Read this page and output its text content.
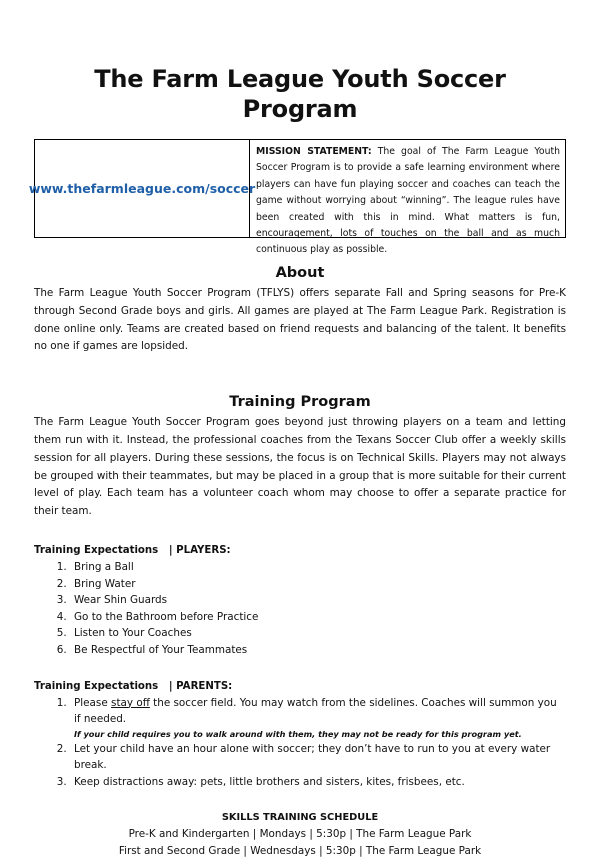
The Farm League Youth Soccer Program
www.thefarmleague.com/soccer
MISSION STATEMENT: The goal of The Farm League Youth Soccer Program is to provide a safe learning environment where players can have fun playing soccer and coaches can teach the game without worrying about “winning”. The league rules have been created with this in mind. What matters is fun, encouragement, lots of touches on the ball and as much continuous play as possible.
About

The Farm League Youth Soccer Program (TFLYS) offers separate Fall and Spring seasons for Pre-K through Second Grade boys and girls. All games are played at The Farm League Park. Registration is done online only. Teams are created based on friend requests and balancing of the talent. It benefits no one if games are lopsided.

Training Program

The Farm League Youth Soccer Program goes beyond just throwing players on a team and letting them run with it. Instead, the professional coaches from the Texans Soccer Club offer a weekly skills session for all players. During these sessions, the focus is on Technical Skills. Players may not always be grouped with their teammates, but may be placed in a group that is more suitable for their current level of play. Each team has a volunteer coach whom may choose to offer a separate practice for their team.

Training Expectations   | PLAYERS:
1. Bring a Ball
2. Bring Water
3. Wear Shin Guards
4. Go to the Bathroom before Practice
5. Listen to Your Coaches
6. Be Respectful of Your Teammates
Training Expectations   | PARENTS:
1. Please stay off the soccer field. You may watch from the sidelines. Coaches will summon you if needed.
If your child requires you to walk around with them, they may not be ready for this program yet.
2. Let your child have an hour alone with soccer; they don’t have to run to you at every water break.
3. Keep distractions away: pets, little brothers and sisters, kites, frisbees, etc.
SKILLS TRAINING SCHEDULE
Pre-K and Kindergarten | Mondays | 5:30p | The Farm League Park
First and Second Grade | Wednesdays | 5:30p | The Farm League Park
